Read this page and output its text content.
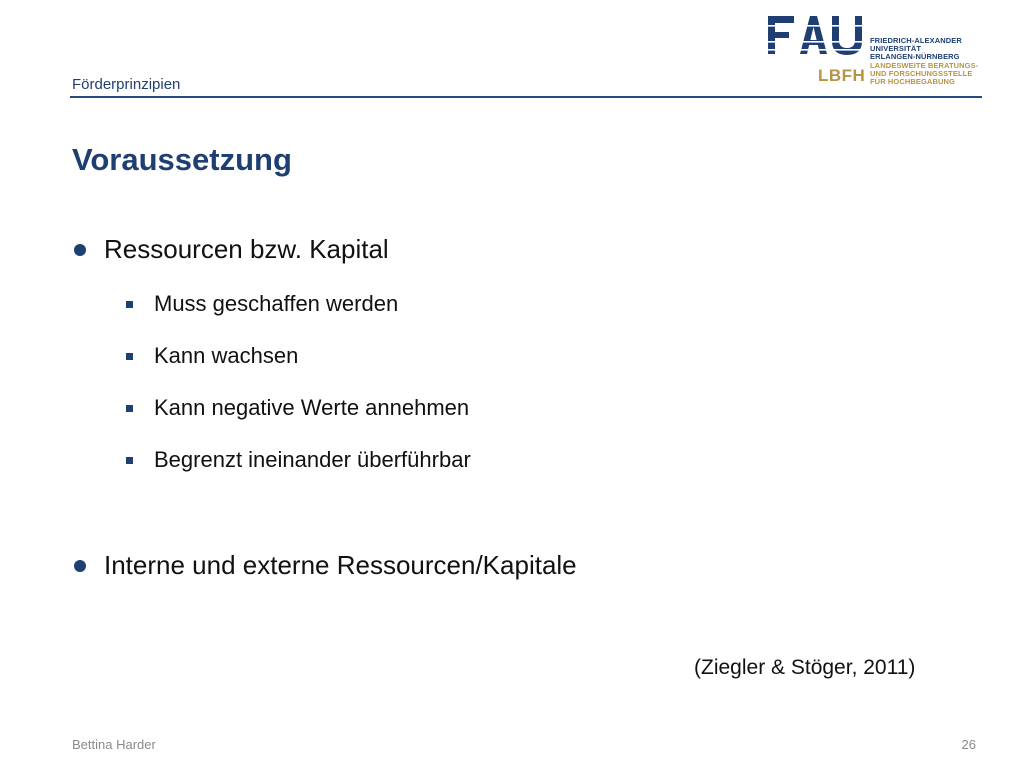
Förderprinzipien
FRIEDRICH-ALEXANDER
UNIVERSITÄT
ERLANGEN-NÜRNBERG
LBFH
LANDESWEITE BERATUNGS-
UND FORSCHUNGSSTELLE
FÜR HOCHBEGABUNG
Voraussetzung
Ressourcen bzw. Kapital
Muss geschaffen werden
Kann wachsen
Kann negative Werte annehmen
Begrenzt ineinander überführbar
Interne und externe Ressourcen/Kapitale
(Ziegler & Stöger, 2011)
Bettina Harder	26
